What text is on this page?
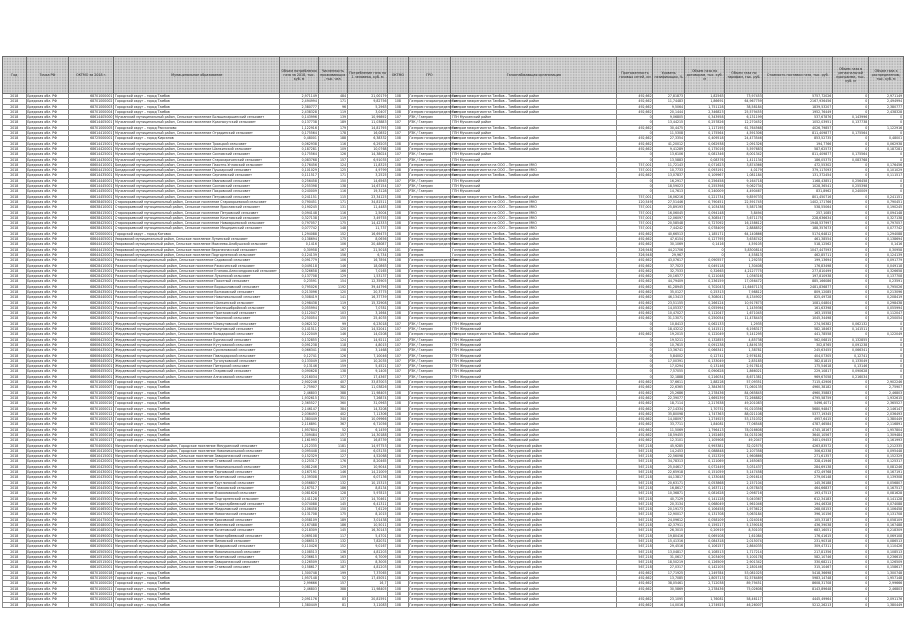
Год	Точка РФ	ОКТМО за 2018 г.	Муниципальное образование	Объем потребления газа за 2018, тыс. куб. м	Численность проживающих, тыс. чел.	Потребление газа на 1 человека, куб. м	ОКТМО	ГРО	Газоснабжающая организация	Протяженность газовых сетей, км	Уровень газификации, %	Объем газа по договорам, тыс. куб. м	Объем газа по тарифам, тыс. руб.	Стоимость поставки газа, тыс. руб.	Объем газа в региональной программе, тыс. куб. м	Объем газа к распределению, тыс. куб. м
2018	Бредская обл. РФ	68701000001	Городской округ – город Тамбов	2,971149	484	21,00179	108	Газпром газораспределение	Газпром межрегионгаз Тамбов – Тамбовский район	492,662	27,81873	1,82563	73,97453	5757,72026	0	2,971149
2018	Бредская обл. РФ	68701000002	Городской округ – город Тамбов	2,494994	171	9,82756	108	Газпром газораспределение	Газпром межрегионгаз Тамбов – Тамбовский район	492,662	11,74483	1,86691	64,967759	2167,936456	0	2,494994
2018	Бредская обл. РФ	68701000003	Городской округ – город Тамбов	2,380777	96	5,2963	108	Газпром газораспределение	Газпром межрегионгаз Тамбов – Тамбовский район	492,662	9,5064	1,751128	38,58184	1839,53207	0	2,380777
2018	Бредская обл. РФ	68701000004	Городской округ – город Тамбов	2,438328	119	3,0407	108	Газпром газораспределение	Газпром межрегионгаз Тамбов – Тамбовский район	492,662	20,1444	2,346823	25,579455	1952,76449	0	2,438328
2018	Бредская обл. РФ	68614405000	Мучкапский муниципальный район, Сельское поселение Большекаршинский сельсовет	0,143996	139	10,99892	107	РЗК / Газпром	ГПН Мучкапский район	0	9,06805	0,343958	6,131199	537,67876	0,143996	0
2018	Бредская обл. РФ	68614405001	Мучкапский муниципальный район, Сельское поселение Краснокутский сельсовет	0,137738	189	11,03883	107	РЗК / Газпром	ГПН Мучкапский район	0	13,44215	0,257826	12,270452	1052,03951	0,137738	0
2018	Бредская обл. РФ	68701000005	Городской округ – город Рассказово	1,122916	179	14,81795	108	Газпром газораспределение	Газпром межрегионгаз Тамбов – Тамбовский район	492,662	30,4475	1,117195	61,764568	4026,79857	0	1,122916
2018	Бредская обл. РФ	68614410001	Мучкапский муниципальный район, Сельское поселение Отрадинский сельсовет	0,175564	178	16,0852	107	РЗК / Газпром	ГПН Мучкапский район	0	11,5308	0,175564	4,591306	811,409877	0,175564	0
2018	Бредская обл. РФ	68725000001	Городской округ – город Кирсанов	0,48001	188	6,38332	108	Газпром газораспределение	Газпром межрегионгаз Тамбов – Тамбовский район	492,662	27,3354	0,409518	24,473546	853,52735	0	0,48001
2018	Бредская обл. РФ	68614415001	Мучкапский муниципальный район, Сельское поселение Троицкий сельсовет	0,062938	116	6,29203	108	Газпром газораспределение	Газпром межрегионгаз Тамбов – Тамбовский район	492,662	41,20012	0,062938	2,091326	194,7766	0	0,062938
2018	Бредская обл. РФ	68614420001	Мучкапский муниципальный район, Сельское поселение Шапкинский сельсовет	0,187281	109	10,0768	108	Газпром газораспределение	Газпром межрегионгаз Тамбов – Тамбовский район	492,662	9,41289	0,175016	5,597683	587,62573	0	0,187281
2018	Бредская обл. РФ	68614425001	Мучкапский муниципальный район, Сельское поселение Сосновский сельсовет	0,175564	126	14,38024	107	РЗК / Газпром	ГПН Мучкапский район	0	13,6106	0,081346	8,001342	811,409877	0,175564	0
2018	Бредская обл. РФ	68614430001	Мучкапский муниципальный район, Сельское поселение Старокарачанский сельсовет	0,083768	157	6,91035	107	РЗК / Газпром	ГПН Мучкапский	0	13,5883	0,08376	1,411134	186,05375	0,083768	0
2018	Бредская обл. РФ	68604410001	Бондарский муниципальный район, Сельское поселение Пахотно-Угловский сельсовет	0,176456	124	11,8325	108	Газпром газораспределение	Газпром межрегионгаз на ООО – Петровские МКО	757,001	11,72143	0,071623	3,874366	472,55302	0	0,176456
2018	Бредская обл. РФ	68604415001	Бондарский муниципальный район, Сельское поселение Пушкарский сельсовет	0,101029	125	4,9799	108	Газпром газораспределение	Газпром межрегионгаз на ООО – Петровские МКО	757,001	10,7733	0,093191	4,0179	379,117093	0	0,101029
2018	Бредская обл. РФ	68614435001	Мучкапский муниципальный район, Сельское поселение Сергиевский сельсовет	0,111517	171	3,2525	108	Газпром газораспределение	Газпром межрегионгаз Тамбов – Тамбовский район	492,662	13,07837	0,109967	1,081184	131,372454	0	0,111517
2018	Бредская обл. РФ	68614440001	Мучкапский муниципальный район, Сельское поселение Ивановский сельсовет	0,256458	150	14,6563	107	РЗК / Газпром	ГПН Мучкапский	0	16,2917	0,256458	9,164718	1168,43851	0,256458	0
2018	Бредская обл. РФ	68614445001	Мучкапский муниципальный район, Сельское поселение Сосновский сельсовет	0,255398	138	14,67154	107	РЗК / Газпром	ГПН Мучкапский	0	18,59023	0,255398	9,062734	1028,36541	0,255398	0
2018	Бредская обл. РФ	68614450001	Мучкапский муниципальный район, Сельское поселение Покровский сельсовет	0,240009	116	19,3128	107	РЗК / Газпром	ГПН Мучкапский	0	14,7613	0,240009	4,490467	831,8962	0,240009	0
2018	Бредская обл. РФ	68614455001	Мучкапский муниципальный район, Сельское поселение Петровский сельсовет	0,241151	115	23,34125	108	Газпром газораспределение	Газпром межрегионгаз Тамбов – Тамбовский район	757,001	16,06216	0,221734	9,859733	801,450716	0	0,241151
2018	Бредская обл. РФ	68638405001	Староюрьевский муниципальный район, Сельское поселение Староюрьевский сельсовет	0,790451	171	34,81511	108	Газпром газораспределение	Газпром межрегионгаз на ООО – Петровские МКО	120,549	27,51446	0,790451	22,591745	1402,171766	0	0,790451
2018	Бредская обл. РФ	68638410001	Староюрьевский муниципальный район, Сельское поселение Ярославский сельсовет	0,190245	131	11,4483	108	Газпром газораспределение	Газпром межрегионгаз на ООО – Петровские МКО	757,001	25,89193	0,103438	5,587136	538,55064	0	0,190245
2018	Бредская обл. РФ	68638415001	Староюрьевский муниципальный район, Сельское поселение Петровский сельсовет	0,094148	116	2,5004	108	Газпром газораспределение	Газпром межрегионгаз на ООО – Петровские МКО	757,001	16,06045	0,094148	3,8494	257,1085	0	0,094148
2018	Бредская обл. РФ	68638420001	Староюрьевский муниципальный район, Сельское поселение Кочетовский сельсовет	0,327138	119	3,49755	108	Газпром газораспределение	Газпром межрегионгаз на ООО – Петровские МКО	757,001	12,06097	0,308547	3,671175	228,636634	0	0,327138
2018	Бредская обл. РФ	68638425001	Староюрьевский муниципальный район, Сельское поселение Новоюрьевский сельсовет	0,797057	175	14,42333	108	Газпром газораспределение	Газпром межрегионгаз на ООО – Петровские МКО	757,001	20,58548	0,727092	16,158612	1948,537997	0	0,797057
2018	Бредская обл. РФ	68638430001	Староюрьевский муниципальный район, Сельское поселение Мещеринский сельсовет	0,077742	148	11,737	108	Газпром газораспределение	Газпром межрегионгаз на ООО – Петровские МКО	757,001	7,44242	0,078409	2,888852	188,357673	0	0,077742
2018	Бредская обл. РФ	68720000001	Городской округ – город Котовск	1,294088	152	16,69475	108	Газпром газораспределение	Газпром межрегионгаз Тамбов – Тамбовский район	492,662	40,66513	1,185171	64,140866	5174,64812	0	1,294088
2018	Бредская обл. РФ	68644405001	Уваровский муниципальный район, Сельское поселение Лунинский сельсовет	0,138694	175	8,0656	108	Газпром газораспределение	Газпром межрегионгаз Тамбов – Тамбовский район	492,662	47,6154	0,127795	3,638742	461,38554	0	0,138694
2018	Бредская обл. РФ	68644410001	Уваровский муниципальный район, Сельское поселение Моисеево-Алабушский сельсовет	0,1416	106	20,48087	108	Газпром газораспределение	Газпром межрегионгаз Тамбов – Тамбовский район	492,662	30,1069	0,1416	4,59105	518,12562	0	0,1416
2018	Бредская обл. РФ	68644415001	Уваровский муниципальный район, Сельское поселение Верхнеспасский сельсовет	0,30958	167	21,5018	101	Газпром	Газпром межрегионгаз Тамбов – Тамбовский район	326,948	44,21706	0	5,8300814	1047,447593	0	0,30958
2018	Бредская обл. РФ	68644420001	Уваровский муниципальный район, Сельское поселение Подгорненский сельсовет	0,124139	156	6,734	108	Газпром	Газпром межрегионгаз Тамбов – Тамбовский район	326,948	29,967	0	4,55813	462,85711	0	0,124139
2018	Бредская обл. РФ	68628405001	Ржаксинский муниципальный район, Сельское поселение Садовский сельсовет	0,091779	106	16,7894	108	Газпром газораспределение	Газпром межрегионгаз Тамбов – Тамбовский район	492,662	43,07617	0,090557	1,29235	199,13694	0	0,091779
2018	Бредская обл. РФ	68628410001	Ржаксинский муниципальный район, Сельское поселение Ржаксинский сельсовет	0,049118	146	18,0863	108	Газпром газораспределение	Газпром межрегионгаз Тамбов – Тамбовский район	492,662	37,7023	0,049118	1,30408	176,83498	0	0,049118
2018	Бредская обл. РФ	68628415001	Ржаксинский муниципальный район, Сельское поселение Еганово-Александровский сельсовет	0,326658	166	7,0165	108	Газпром газораспределение	Газпром межрегионгаз Тамбов – Тамбовский район	492,662	32,7533	0,32663	4,2127775	277,810499	0	0,326658
2018	Бредская обл. РФ	68628420001	Ржаксинский муниципальный район, Сельское поселение Лукинский сельсовет	0,137708	129	1,53137	108	Газпром газораспределение	Газпром межрегионгаз Тамбов – Тамбовский район	492,662	20,16577	0,121048	1,036316	197,810938	0	0,137708
2018	Бредская обл. РФ	68628425001	Ржаксинский муниципальный район, Сельское поселение Пахотный сельсовет	0,23591	154	12,35905	108	Газпром газораспределение	Газпром межрегионгаз Тамбов – Тамбовский район	492,662	44,79409	0,236159	17,056472	885,166086	0	0,23591
2018	Бредская обл. РФ	68628430001	Ржаксинский муниципальный район, Сельское поселение Ворошиловский сельсовет	0,795026	1192	39,44796	108	Газпром газораспределение	Газпром межрегионгаз Тамбов – Тамбовский район	492,662	61,28945	0,702043	11,6467113	2481,836877	0	0,795026
2018	Бредская обл. РФ	68628435001	Ржаксинский муниципальный район, Сельское поселение Волчковский сельсовет	0,213096	120	20,3775	108	Газпром газораспределение	Газпром межрегионгаз Тамбов – Тамбовский район	492,662	35,0127	0,25313	7,98812	809,12085	0	0,213096
2018	Бредская обл. РФ	68628440001	Ржаксинский муниципальный район, Сельское поселение Новоникольский сельсовет	0,308419	141	16,37739	108	Газпром газораспределение	Газпром межрегионгаз Тамбов – Тамбовский район	492,662	46,13413	0,308041	8,134902	825,49728	0	0,208419
2018	Бредская обл. РФ	68628445001	Ржаксинский муниципальный район, Сельское поселение Шапкинский сельсовет	0,298438	119	15,32908	108	Газпром газораспределение	Газпром межрегионгаз Тамбов – Тамбовский район	492,662	23,51155	0,266124	10,917673	1081,04804	0	0,298438
2018	Бредская обл. РФ	68628450001	Ржаксинский муниципальный район, Сельское поселение Нижнешибряйский сельсовет	0,055994	92	7,0781	108	Газпром газораспределение	Газпром межрегионгаз Тамбов – Тамбовский район	492,662	14,05337	0,055994	1,145936	161,63398	0	0,055994
2018	Бредская обл. РФ	68628455001	Ржаксинский муниципальный район, Сельское поселение Протасовский сельсовет	0,112047	103	3,1664	108	Газпром газораспределение	Газпром межрегионгаз Тамбов – Тамбовский район	492,662	10,47027	0,112047	1,671045	163,15558	0	0,112047
2018	Бредская обл. РФ	68628460001	Ржаксинский муниципальный район, Сельское поселение Чакинский сельсовет	0,250054	155	25,4035	108	Газпром газораспределение	Газпром межрегионгаз Тамбов – Тамбовский район	492,662	31,13071	0,250054	11,478443	1045,34498	0	0,250054
2018	Бредская обл. РФ	68606410001	Жердевский муниципальный район, Сельское поселение Шпикуловский сельсовет	0,062132	99	6,23018	107	РЗК / Газпром	ГПН Жердевский	0	10,8413	0,062133	1,2935	274,56382	0,062132	0
2018	Бредская обл. РФ	68606415001	Жердевский муниципальный район, Сельское поселение Чикуновский сельсовет	0,141511	120	14,52041	107	РЗК / Газпром	ГПН Жердевский	0	18,43212	0,141511	6,198317	582,18463	0,141511	0
2018	Бредская обл. РФ	68606420001	Жердевский муниципальный район, Сельское поселение Володарский сельсовет	0,122049	146	14,0208	108	Газпром газораспределение	Газпром межрегионгаз Тамбов – Тамбовский район	492,662	19,2015	0,122049	5,141295	441,78558	0	0,122049
2018	Бредская обл. РФ	68606425001	Жердевский муниципальный район, Сельское поселение Бурнакский сельсовет	0,132855	124	14,9211	107	РЗК / Газпром	ГПН Жердевский	0	19,5211	0,132855	4,85738	562,06815	0,132855	0
2018	Бредская обл. РФ	68606430001	Жердевский муниципальный район, Сельское поселение Кутузовский сельсовет	0,091238	118	4,8015	107	РЗК / Газпром	ГПН Жердевский	0	10,7615	0,091238	1,849135	302,8765	0,091238	0
2018	Бредская обл. РФ	68606435001	Жердевский муниципальный район, Сельское поселение Сукмановский сельсовет	0,066341	158	3,1468	107	РЗК / Газпром	ГПН Жердевский	0	13,36741	0,066341	1,38781	245,63455	0,066341	0
2018	Бредская обл. РФ	68606440001	Жердевский муниципальный район, Сельское поселение Павлодарский сельсовет	0,12741	126	7,10046	107	РЗК / Газпром	ГПН Жердевский	0	5,84002	0,12741	2,976181	404,07305	0,12741	0
2018	Бредская обл. РФ	68606445001	Жердевский муниципальный район, Сельское поселение Туголуковский сельсовет	0,133049	109	10,2035	107	РЗК / Газпром	ГПН Жердевский	0	17,00391	0,133049	2,85185	382,81815	0,133049	0
2018	Бредская обл. РФ	68606450001	Жердевский муниципальный район, Сельское поселение Питерский сельсовет	0,13146	159	5,4521	107	РЗК / Газпром	ГПН Жердевский	0	17,0294	0,13146	2,917814	175,54618	0,13146	0
2018	Бредская обл. РФ	68606455001	Жердевский муниципальный район, Сельское поселение Огаревский сельсовет	0,090628	138	9,1405	107	РЗК / Газпром	ГПН Жердевский	0	7,57055	0,090628	1,866021	229,10817	0,090628	0
2018	Бредская обл. РФ	68606460001	Жердевский муниципальный район, Сельское поселение Алгасовский сельсовет	0,216034	177	17,4367	107	РЗК / Газпром	ГПН Жердевский	0	32,1888	0,216034	8,671381	969,67058	0,216034	0
2018	Бредская обл. РФ	68701000006	Городской округ – город Тамбов	2,902246	407	33,87003	108	Газпром газораспределение	Газпром межрегионгаз Тамбов – Тамбовский район	492,662	37,6611	2,88228	57,09351	7115,42906	0	2,902246
2018	Бредская обл. РФ	68701000007	Городской округ – город Тамбов	2,75907	382	11,03826	108	Газпром газораспределение	Газпром межрегионгаз Тамбов – Тамбовский район	492,662	22,6365	2,384363	71,060135	4960,38182	0	2,75907
2018	Бредская обл. РФ	68701000008	Городской округ – город Тамбов	2,46803	388	11,98405	108	Газпром газораспределение	Газпром межрегионгаз Тамбов – Тамбовский район	492,662	25,2686	2,278436	84,065845	4960,35883	0	2,46803
2018	Бредская обл. РФ	68701000009	Городской округ – город Тамбов	1,932615	351	7,26874	108	Газпром газораспределение	Газпром межрегионгаз Тамбов – Тамбовский район	492,662	22,39077	1,669239	72,266882	4795,58759	0	1,932615
2018	Бредская обл. РФ	68701000010	Городской округ – город Тамбов	2,365527	360	31,0963	108	Газпром газораспределение	Газпром межрегионгаз Тамбов – Тамбовский район	492,662	18,7114	2,217638	49,201083	5496,4071	0	2,365527
2018	Бредская обл. РФ	68701000011	Городской округ – город Тамбов	2,146147	384	14,3208	108	Газпром газораспределение	Газпром межрегионгаз Тамбов – Тамбовский район	492,662	27,14334	1,70751	91,010356	5680,94847	0	2,146147
2018	Бредская обл. РФ	68701000012	Городской округ – город Тамбов	2,036493	402	7,11306	108	Газпром газораспределение	Газпром межрегионгаз Тамбов – Тамбовский район	492,662	35,80098	1,747363	88,021108	5377,19345	0	2,036493
2018	Бредская обл. РФ	68701000013	Городской округ – город Тамбов	1,380449	340	10,09966	108	Газпром газораспределение	Газпром межрегионгаз Тамбов – Тамбовский район	492,662	14,08097	1,274925	53,131032	4957,6415	0	1,380449
2018	Бредская обл. РФ	68701000014	Городской округ – город Тамбов	2,116891	367	6,71056	108	Газпром газораспределение	Газпром межрегионгаз Тамбов – Тамбовский район	492,662	33,7711	1,84081	77,06548	4787,46584	0	2,116891
2018	Бредская обл. РФ	68701000015	Городской округ – город Тамбов	1,957804	52	6,1459	108	Газпром газораспределение	Газпром межрегионгаз Тамбов – Тамбовский район	492,662	11,5069	1,796413	78,016608	4745,18167	0	1,957804
2018	Бредская обл. РФ	68701000016	Городской округ – город Тамбов	1,309484	157	14,30188	108	Газпром газораспределение	Газпром межрегионгаз Тамбов – Тамбовский район	492,662	18,59455	1,192465	54,015106	3640,10567	0	1,309484
2018	Бредская обл. РФ	68701000017	Городской округ – город Тамбов	1,161993	118	16,8739	108	Газпром газораспределение	Газпром межрегионгаз Тамбов – Тамбовский район	492,662	12,3101	1,105908	49,2047	3401,09453	0	1,161993
2018	Бредская обл. РФ	68704000001	Мичуринский муниципальный район, Городское поселение Мичуринский сельсовет	1,212335	1181	14,97753	108	Газпром газораспределение	Газпром межрегионгаз Тамбов – Мичуринский район	567,218	45,9285	0,993381	32,02575	4263,83572	0	1,212335
2018	Бредская обл. РФ	68610410001	Мичуринский муниципальный район, Городское поселение Новоникольский сельсовет	0,095448	104	6,03135	108	Газпром газораспределение	Газпром межрегионгаз Тамбов – Мичуринский район	567,218	14,2453	0,088848	2,107358	306,62338	0	0,095448
2018	Бредская обл. РФ	68610415001	Мичуринский муниципальный район, Сельское поселение Заворонежский сельсовет	0,152329	127	4,52068	108	Газпром газораспределение	Газпром межрегионгаз Тамбов – Мичуринский район	567,218	22,56098	0,152329	1,960866	271,61357	0	0,152329
2018	Бредская обл. РФ	68610420001	Мичуринский муниципальный район, Сельское поселение Стаевский сельсовет	0,125317	176	8,20465	108	Газпром газораспределение	Газпром межрегионгаз Тамбов – Мичуринский район	567,218	34,78313	0,121069	4,165063	328,41946	0	0,125317
2018	Бредская обл. РФ	68610425001	Мичуринский муниципальный район, Сельское поселение Новоникольский сельсовет	0,081246	129	10,9044	108	Газпром газораспределение	Газпром межрегионгаз Тамбов – Мичуринский район	567,218	25,04617	0,072449	3,031437	284,69138	0	0,081246
2018	Бредская обл. РФ	68610430001	Мичуринский муниципальный район, Сельское поселение Терновский сельсовет	0,167191	146	14,21009	108	Газпром газораспределение	Газпром межрегионгаз Тамбов – Мичуринский район	567,218	22,65918	0,151059	5,147458	472,49768	0	0,167191
2018	Бредская обл. РФ	68610435001	Мичуринский муниципальный район, Сельское поселение Кочетовский сельсовет	0,139308	159	6,07136	108	Газпром газораспределение	Газпром межрегионгаз Тамбов – Мичуринский район	567,218	44,13817	0,133048	2,091614	279,06148	0	0,139308
2018	Бредская обл. РФ	68610440001	Мичуринский муниципальный район, Сельское поселение Круглинский сельсовет	0,056807	132	10,15315	108	Газпром газораспределение	Газпром межрегионгаз Тамбов – Мичуринский район	567,218	20,63171	0,053868	2,157104	145,36188	0	0,056807
2018	Бредская обл. РФ	68610445001	Мичуринский муниципальный район, Сельское поселение Глазковский сельсовет	0,167517	186	8,8134	108	Газпром газораспределение	Газпром межрегионгаз Тамбов – Мичуринский район	567,218	16,8617	0,163711	4,057843	464,66837	0	0,167517
2018	Бредская обл. РФ	68610450001	Мичуринский муниципальный район, Сельское поселение Изосимовский сельсовет	0,081628	128	5,97815	108	Газпром газораспределение	Газпром межрегионгаз Тамбов – Мичуринский район	567,218	10,36871	0,081628	2,098716	193,47513	0	0,081628
2018	Бредская обл. РФ	68610455001	Мичуринский муниципальный район, Сельское поселение Подгорненский сельсовет	0,141128	137	14,70461	108	Газпром газораспределение	Газпром межрегионгаз Тамбов – Мичуринский район	567,218	40,7129	0,141128	5,040367	612,34183	0	0,141128
2018	Бредская обл. РФ	68610460001	Мичуринский муниципальный район, Сельское поселение Старотарбеевский сельсовет	0,074088	145	6,41311	108	Газпром газораспределение	Газпром межрегионгаз Тамбов – Мичуринский район	567,218	20,3134	0,068049	1,961046	194,46328	0	0,074088
2018	Бредская обл. РФ	68610465001	Мичуринский муниципальный район, Сельское поселение Жидиловский сельсовет	0,106458	150	7,6129	108	Газпром газораспределение	Газпром межрегионгаз Тамбов – Мичуринский район	567,218	20,19173	0,106458	1,973612	268,08153	0	0,106458
2018	Бредская обл. РФ	68610470001	Мичуринский муниципальный район, Сельское поселение Новоспасский сельсовет	0,131708	175	8,1015	108	Газпром газораспределение	Газпром межрегионгаз Тамбов – Мичуринский район	567,218	12,90017	0,131708	3,063184	396,10156	0	0,131708
2018	Бредская обл. РФ	68610475001	Мичуринский муниципальный район, Сельское поселение Красивский сельсовет	0,058109	189	3,01438	108	Газпром газораспределение	Газпром межрегионгаз Тамбов – Мичуринский район	567,218	24,09612	0,058109	1,024016	105,33187	0	0,058109
2018	Бредская обл. РФ	68610480001	Мичуринский муниципальный район, Сельское поселение Хмелевский сельсовет	0,167488	186	10,5011	108	Газпром газораспределение	Газпром межрегионгаз Тамбов – Мичуринский район	567,218	42,37911	0,159217	5,139018	436,39038	0	0,167488
2018	Бредская обл. РФ	68610485001	Мичуринский муниципальный район, Сельское поселение Кочетовский сельсовет	0,218309	145	16,30143	108	Газпром газораспределение	Газпром межрегионгаз Тамбов – Мичуринский район	567,218	26,3015	0,20919	8,30103	683,16051	0	0,218309
2018	Бредская обл. РФ	68610490001	Мичуринский муниципальный район, Сельское поселение Новотарбеевский сельсовет	0,069108	117	5,4701	108	Газпром газораспределение	Газпром межрегионгаз Тамбов – Мичуринский район	567,218	19,80416	0,069108	1,61084	176,41615	0	0,069108
2018	Бредская обл. РФ	68610495001	Мичуринский муниципальный район, Сельское поселение Липовский сельсовет	0,086513	132	7,82031	108	Газпром газораспределение	Газпром межрегионгаз Тамбов – Мичуринский район	567,218	15,41316	0,084318	2,015074	231,90318	0	0,086513
2018	Бредская обл. РФ	68610500001	Мичуринский муниципальный район, Сельское поселение Федоровский сельсовет	0,110426	152	9,0167	108	Газпром газораспределение	Газпром межрегионгаз Тамбов – Мичуринский район	567,218	29,4516	0,106157	2,864035	309,47311	0	0,110426
2018	Бредская обл. РФ	68610505001	Мичуринский муниципальный район, Сельское поселение Новоникольский сельсовет	0,108513	136	4,81203	108	Газпром газораспределение	Газпром межрегионгаз Тамбов – Мичуринский район	567,218	13,04817	0,108513	1,717214	217,81356	0	0,108513
2018	Бредская обл. РФ	68610510001	Мичуринский муниципальный район, Сельское поселение Кочетовский сельсовет	0,236615	163	6,7009	108	Газпром газораспределение	Газпром межрегионгаз Тамбов – Мичуринский район	567,218	31,0617	0,203409	5,100178	582,10746	0	0,236615
2018	Бредская обл. РФ	68610515001	Мичуринский муниципальный район, Сельское поселение Заворонежский сельсовет	0,126509	131	8,3005	108	Газпром газораспределение	Газпром межрегионгаз Тамбов – Мичуринский район	567,218	18,50219	0,126509	2,901342	330,68211	0	0,126509
2018	Бредская обл. РФ	68610520001	Мичуринский муниципальный район, Сельское поселение Стаевский сельсовет	0,158617	187	4,81203	108	Газпром газораспределение	Газпром межрегионгаз Тамбов – Мичуринский район	567,218	27,0317	0,142105	2,180146	315,10467	0	0,158617
2018	Бредская обл. РФ	68701000018	Городской округ – город Тамбов	1,300748	199	7,37065	108	Газпром газораспределение	Газпром межрегионгаз Тамбов – Тамбовский район	492,662	17,71925	1,249784	53,081025	5418,36698	0	1,300748
2018	Бредская обл. РФ	68701000019	Городской округ – город Тамбов	1,957148	52	17,45051	108	Газпром газораспределение	Газпром межрегионгаз Тамбов – Тамбовский район	492,662	13,7085	1,805713	52,576489	5983,14748	0	1,957148
2018	Бредская обл. РФ	68701000020	Городской округ – город Тамбов	2,99666	157	16,7	108	Газпром газораспределение	Газпром межрегионгаз Тамбов – Тамбовский район	492,662	38,05461	2,712038	89,79451	8608,31708	0	2,99666
2018	Бредская обл. РФ	68701000021	Городской округ – город Тамбов	2,46803	388	11,98405	108	Газпром газораспределение	Газпром межрегионгаз Тамбов – Тамбовский район	492,662	30,5869	2,278436	75,02608	8143,89648	0	2,46803
2018	Бредская обл. РФ	68701000022	Городской округ – город Тамбов				108	Газпром газораспределение	Газпром межрегионгаз Тамбов – Тамбовский район							
2018	Бредская обл. РФ	68701000023	Городской округ – город Тамбов	2,091176	83	20,81591	108	Газпром газораспределение	Газпром межрегионгаз Тамбов – Тамбовский район	492,662	23,1095	1,76081	58,46117	4445,49964	0	2,091176
2018	Бредская обл. РФ	68701000024	Городской округ – город Тамбов	1,380449	81	3,11083	108	Газпром газораспределение	Газпром межрегионгаз Тамбов – Тамбовский район	492,662	14,0016	1,274925	46,26007	5212,26213	0	1,380449
